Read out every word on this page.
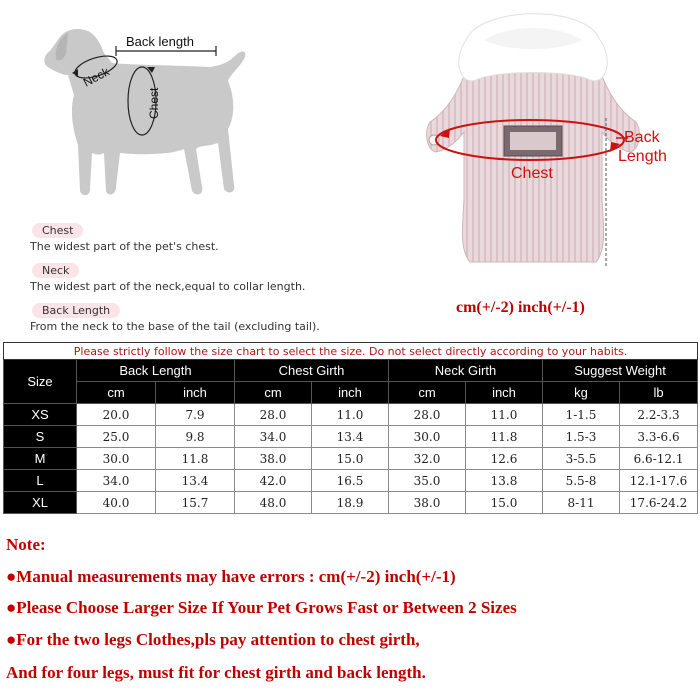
Back length
Neck
Chest
Chest
The widest part of the pet's chest.
Neck
The widest part of the neck,equal to collar length.
Back Length
From the neck to the base of the tail (excluding tail).
Back
Length
Chest
cm(+/-2) inch(+/-1)
Please strictly follow the size chart to select the size. Do not select directly according to your habits.								
Size	Back Length		Chest Girth		Neck Girth		Suggest Weight	
	cm	inch	cm	inch	cm	inch	kg	lb
XS	20.0	7.9	28.0	11.0	28.0	11.0	1-1.5	2.2-3.3
S	25.0	9.8	34.0	13.4	30.0	11.8	1.5-3	3.3-6.6
M	30.0	11.8	38.0	15.0	32.0	12.6	3-5.5	6.6-12.1
L	34.0	13.4	42.0	16.5	35.0	13.8	5.5-8	12.1-17.6
XL	40.0	15.7	48.0	18.9	38.0	15.0	8-11	17.6-24.2
Note:
●Manual measurements may have errors : cm(+/-2) inch(+/-1)
●Please Choose Larger Size If Your Pet Grows Fast or Between 2 Sizes
●For the two legs Clothes,pls pay attention to chest girth,
And for four legs, must fit for chest girth and back length.
